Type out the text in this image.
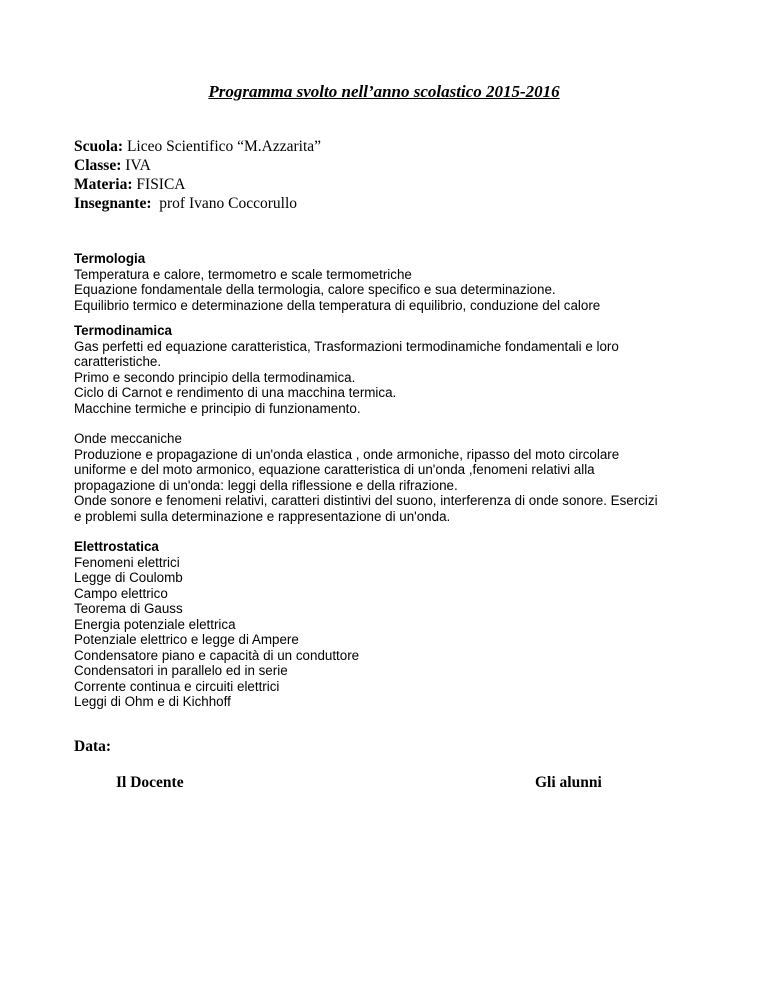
Programma svolto nell’anno scolastico 2015-2016
Scuola: Liceo Scientifico “M.Azzarita”
Classe: IVA
Materia: FISICA
Insegnante:  prof Ivano Coccorullo
Termologia
Temperatura e calore, termometro e scale termometriche
Equazione fondamentale della termologia, calore specifico e sua determinazione.
Equilibrio termico e determinazione della temperatura di equilibrio, conduzione del calore
Termodinamica
Gas perfetti ed equazione caratteristica, Trasformazioni termodinamiche fondamentali e loro
caratteristiche.
Primo e secondo principio della termodinamica.
Ciclo di Carnot e rendimento di una macchina termica.
Macchine termiche e principio di funzionamento.
Onde meccaniche
Produzione e propagazione di un'onda elastica , onde armoniche, ripasso del moto circolare
uniforme e del moto armonico, equazione caratteristica di un'onda ,fenomeni relativi alla
propagazione di un'onda: leggi della riflessione e della rifrazione.
Onde sonore e fenomeni relativi, caratteri distintivi del suono, interferenza di onde sonore. Esercizi
e problemi sulla determinazione e rappresentazione di un'onda.
Elettrostatica
Fenomeni elettrici
Legge di Coulomb
Campo elettrico
Teorema di Gauss
Energia potenziale elettrica
Potenziale elettrico e legge di Ampere
Condensatore piano e capacità di un conduttore
Condensatori in parallelo ed in serie
Corrente continua e circuiti elettrici
Leggi di Ohm e di Kichhoff
Data:
Il Docente	Gli alunni
